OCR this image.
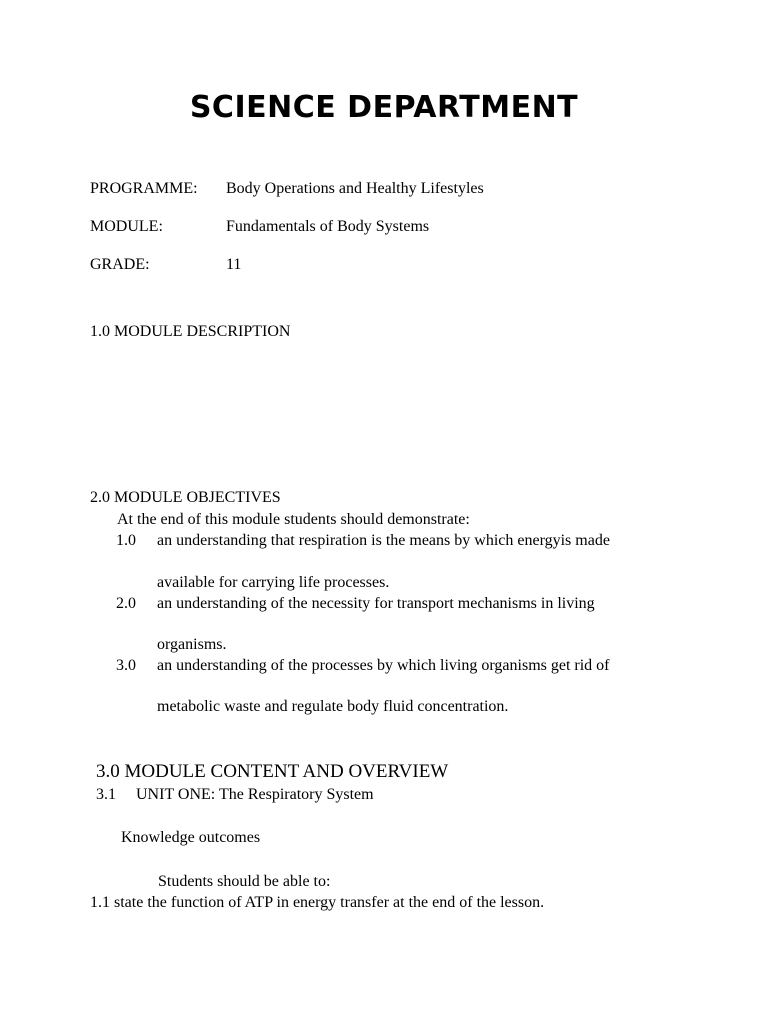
SCIENCE DEPARTMENT
PROGRAMME: Body Operations and Healthy Lifestyles
MODULE:	Fundamentals of Body Systems
GRADE:	11
1.0 MODULE DESCRIPTION
2.0 MODULE OBJECTIVES
At the end of this module students should demonstrate:
1.0 an understanding that respiration is the means by which energyis made
available for carrying life processes.
2.0 an understanding of the necessity for transport mechanisms in living
organisms.
3.0 an understanding of the processes by which living organisms get rid of
metabolic waste and regulate body fluid concentration.
3.0 MODULE CONTENT AND OVERVIEW
3.1     UNIT ONE: The Respiratory System
Knowledge outcomes
Students should be able to:
1.1 state the function of ATP in energy transfer at the end of the lesson.
